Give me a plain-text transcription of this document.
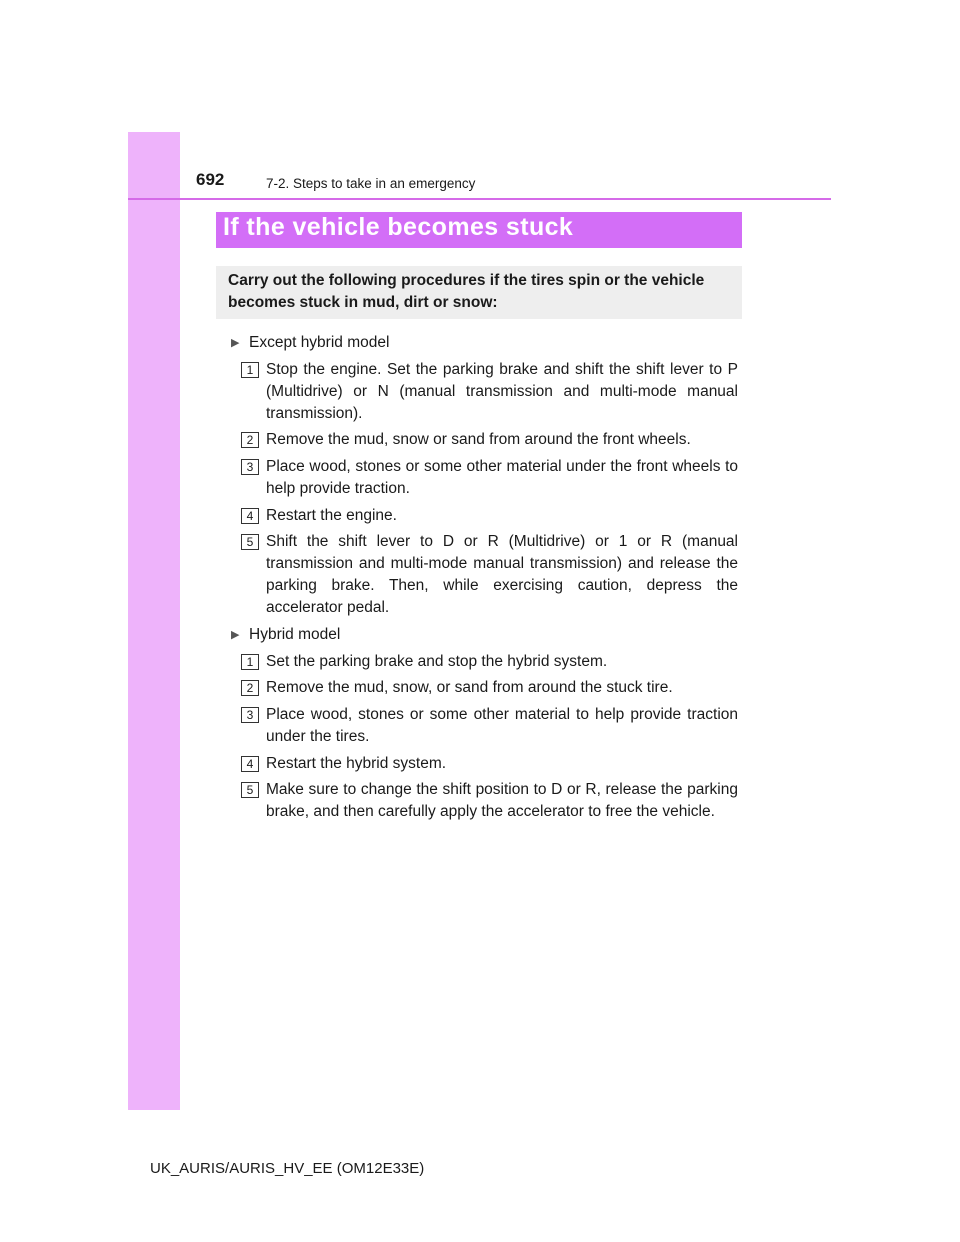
692	7-2. Steps to take in an emergency
If the vehicle becomes stuck
Carry out the following procedures if the tires spin or the vehicle becomes stuck in mud, dirt or snow:
▶ Except hybrid model
1 Stop the engine. Set the parking brake and shift the shift lever to P (Multidrive) or N (manual transmission and multi-mode manual transmission).
2 Remove the mud, snow or sand from around the front wheels.
3 Place wood, stones or some other material under the front wheels to help provide traction.
4 Restart the engine.
5 Shift the shift lever to D or R (Multidrive) or 1 or R (manual transmission and multi-mode manual transmission) and release the parking brake. Then, while exercising caution, depress the accelerator pedal.
▶ Hybrid model
1 Set the parking brake and stop the hybrid system.
2 Remove the mud, snow, or sand from around the stuck tire.
3 Place wood, stones or some other material to help provide traction under the tires.
4 Restart the hybrid system.
5 Make sure to change the shift position to D or R, release the parking brake, and then carefully apply the accelerator to free the vehicle.
UK_AURIS/AURIS_HV_EE (OM12E33E)
